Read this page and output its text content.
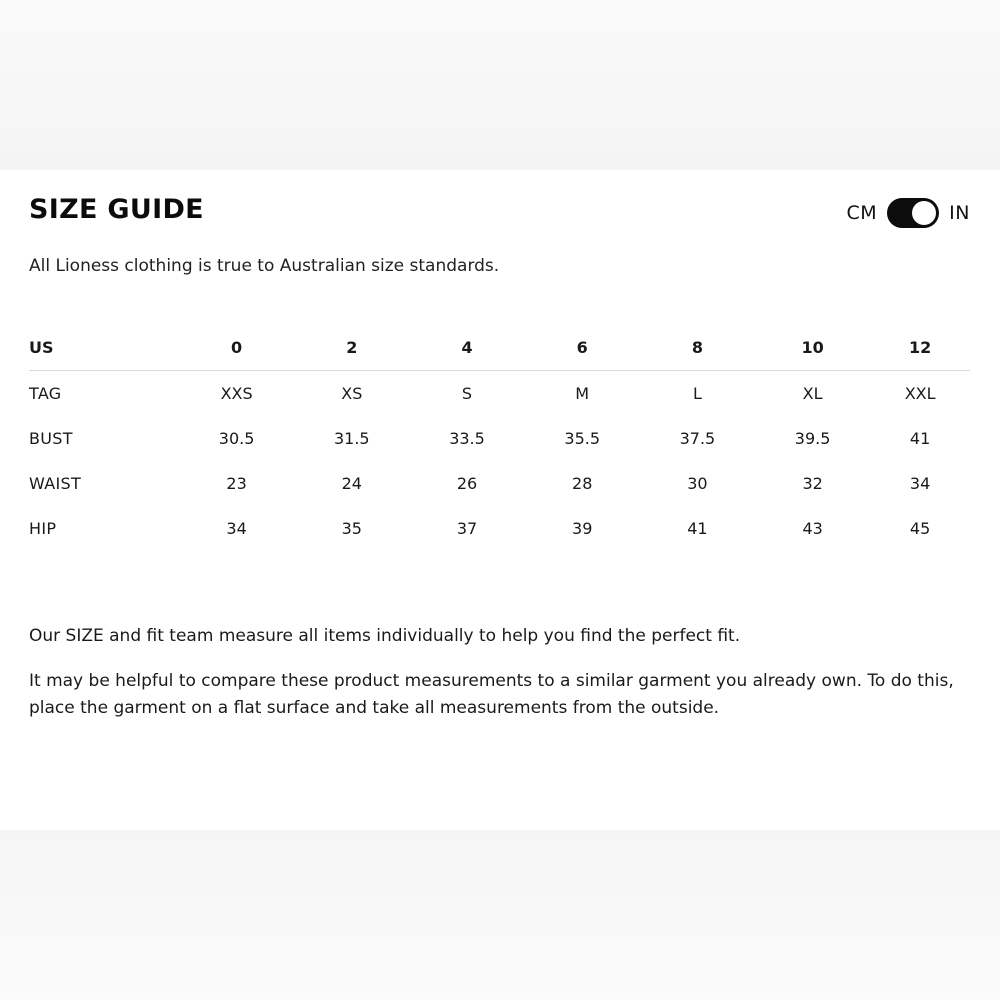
SIZE GUIDE	CM	IN

All Lioness clothing is true to Australian size standards.

US	0	2	4	6	8	10	12
TAG	XXS	XS	S	M	L	XL	XXL
BUST	30.5	31.5	33.5	35.5	37.5	39.5	41
WAIST	23	24	26	28	30	32	34
HIP	34	35	37	39	41	43	45

Our SIZE and fit team measure all items individually to help you find the perfect fit.

It may be helpful to compare these product measurements to a similar garment you already own. To do this, place the garment on a flat surface and take all measurements from the outside.
